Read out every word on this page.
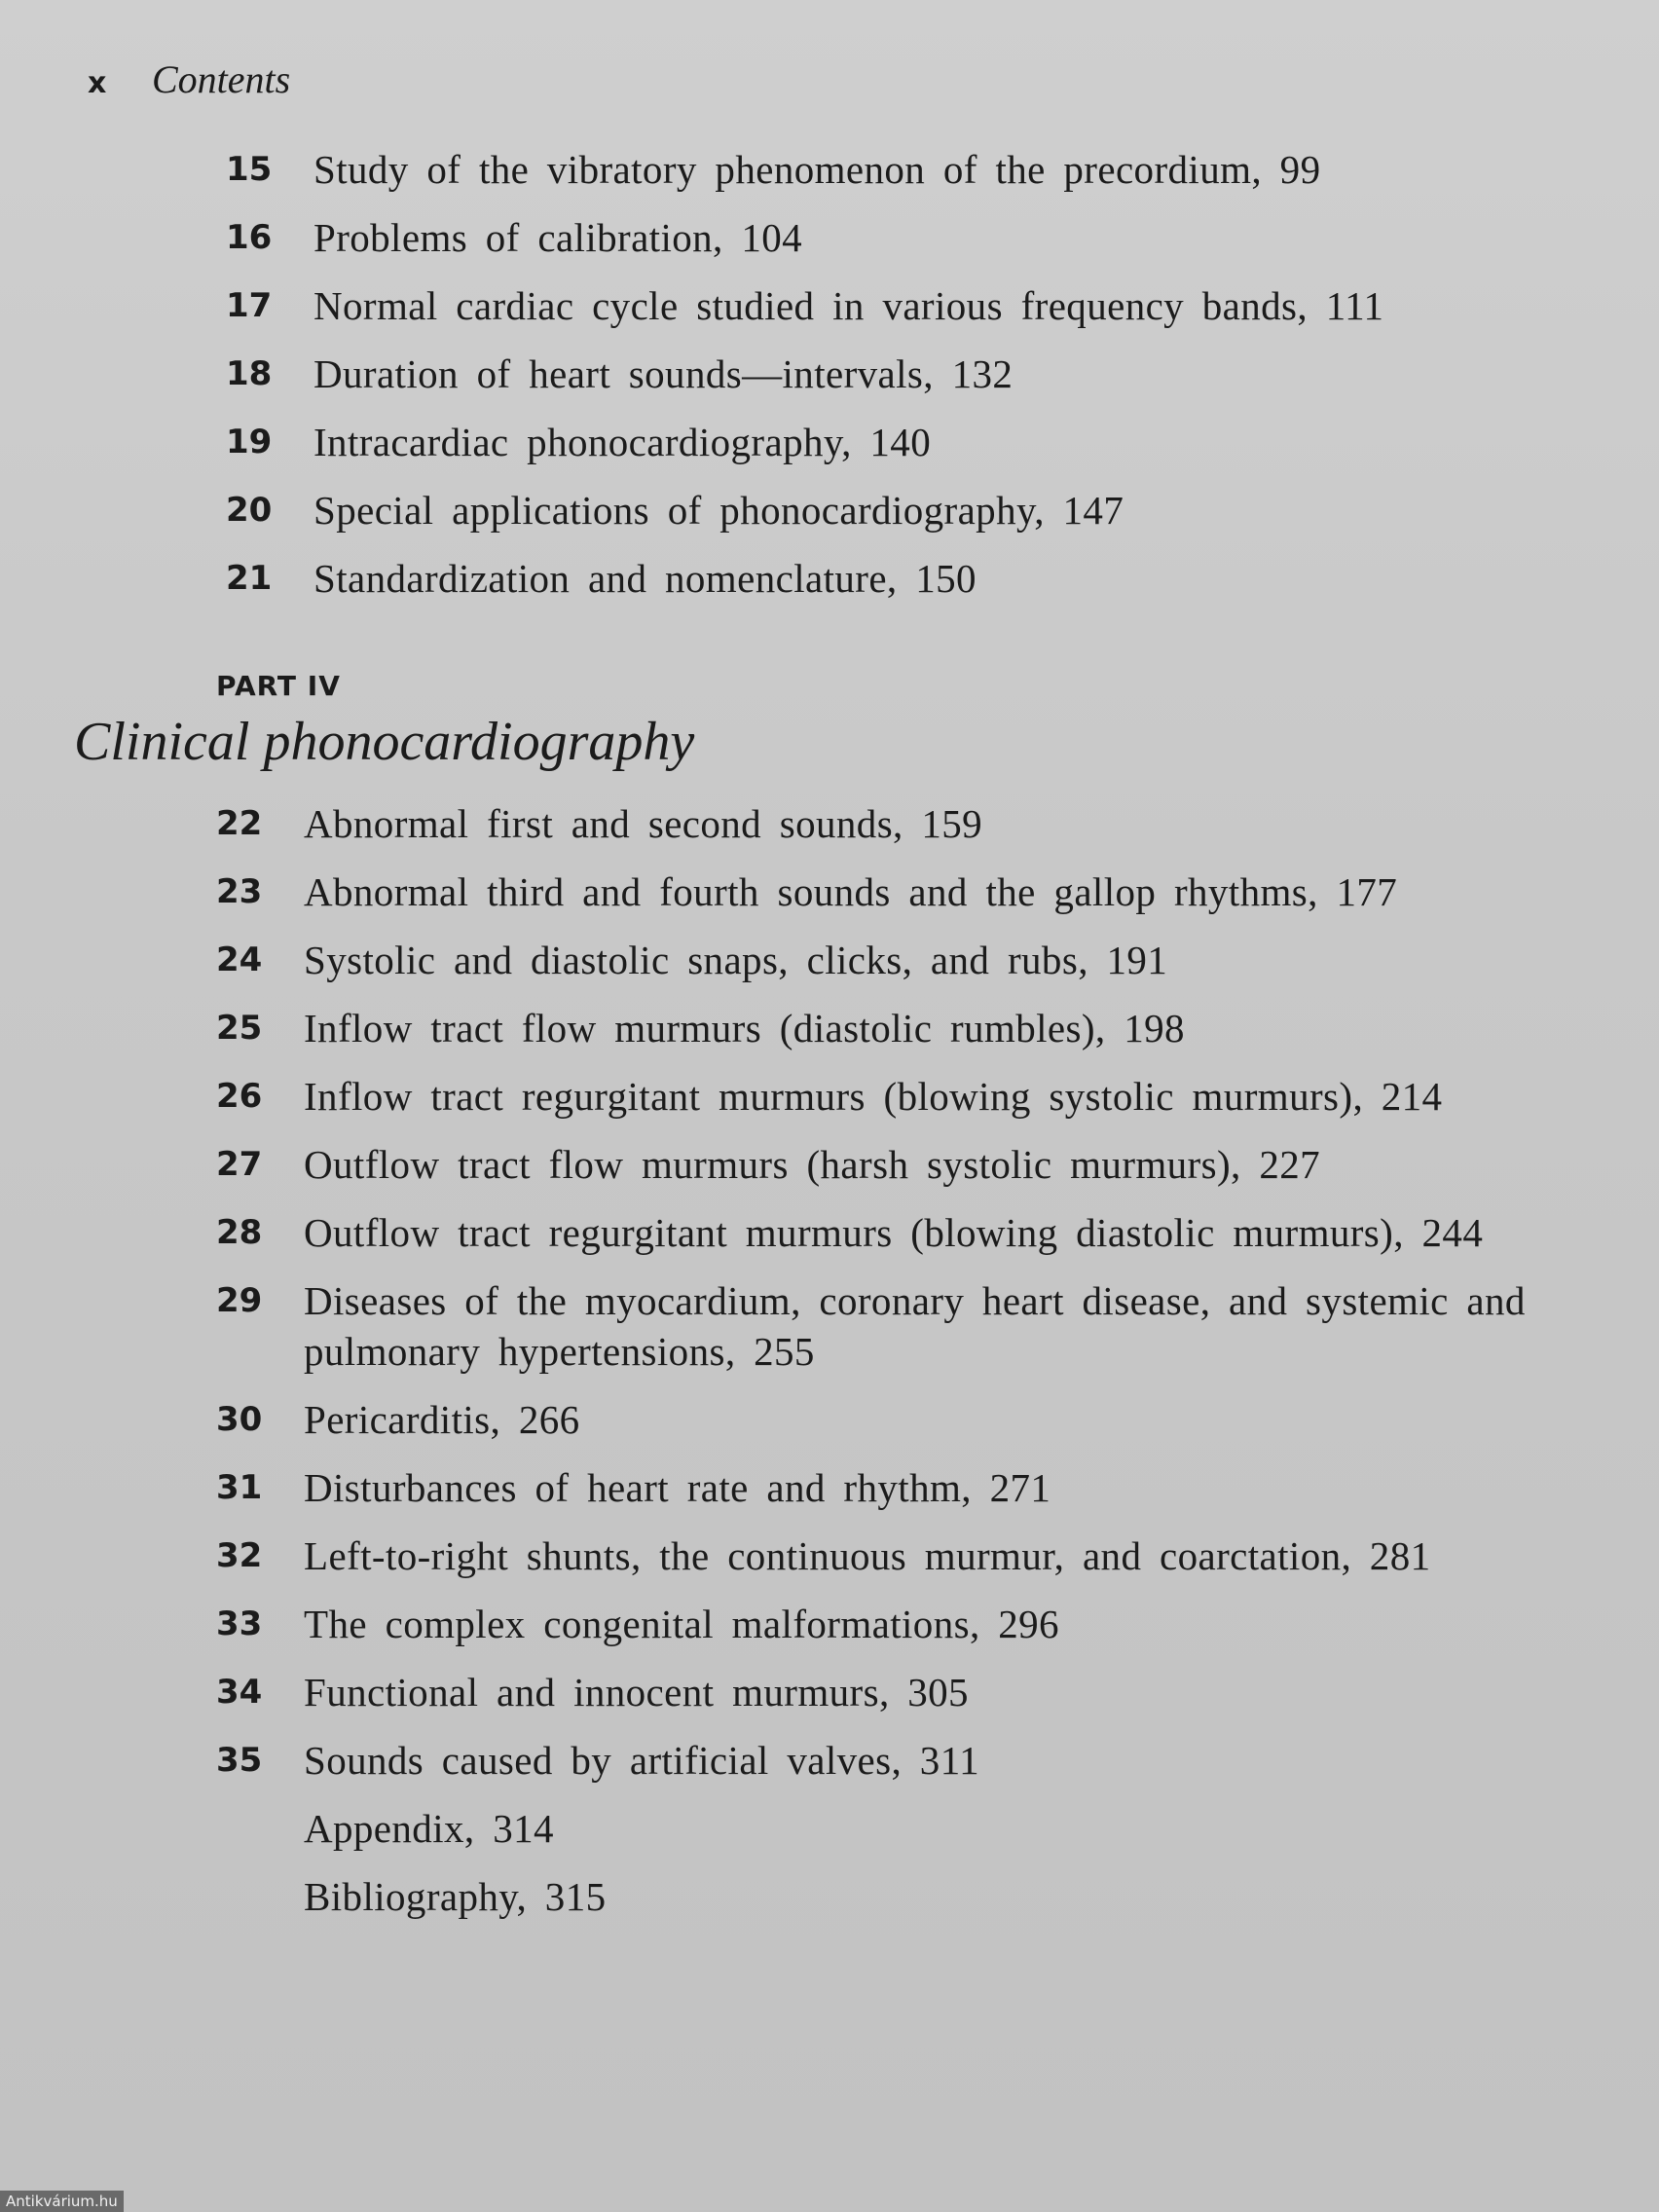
x	Contents
15	Study of the vibratory phenomenon of the precordium, 99
16	Problems of calibration, 104
17	Normal cardiac cycle studied in various frequency bands, 111
18	Duration of heart sounds—intervals, 132
19	Intracardiac phonocardiography, 140
20	Special applications of phonocardiography, 147
21	Standardization and nomenclature, 150
PART IV
Clinical phonocardiography
22	Abnormal first and second sounds, 159
23	Abnormal third and fourth sounds and the gallop rhythms, 177
24	Systolic and diastolic snaps, clicks, and rubs, 191
25	Inflow tract flow murmurs (diastolic rumbles), 198
26	Inflow tract regurgitant murmurs (blowing systolic murmurs), 214
27	Outflow tract flow murmurs (harsh systolic murmurs), 227
28	Outflow tract regurgitant murmurs (blowing diastolic murmurs), 244
29	Diseases of the myocardium, coronary heart disease, and systemic and pulmonary hypertensions, 255
30	Pericarditis, 266
31	Disturbances of heart rate and rhythm, 271
32	Left-to-right shunts, the continuous murmur, and coarctation, 281
33	The complex congenital malformations, 296
34	Functional and innocent murmurs, 305
35	Sounds caused by artificial valves, 311
Appendix, 314
Bibliography, 315
Antikvárium.hu
